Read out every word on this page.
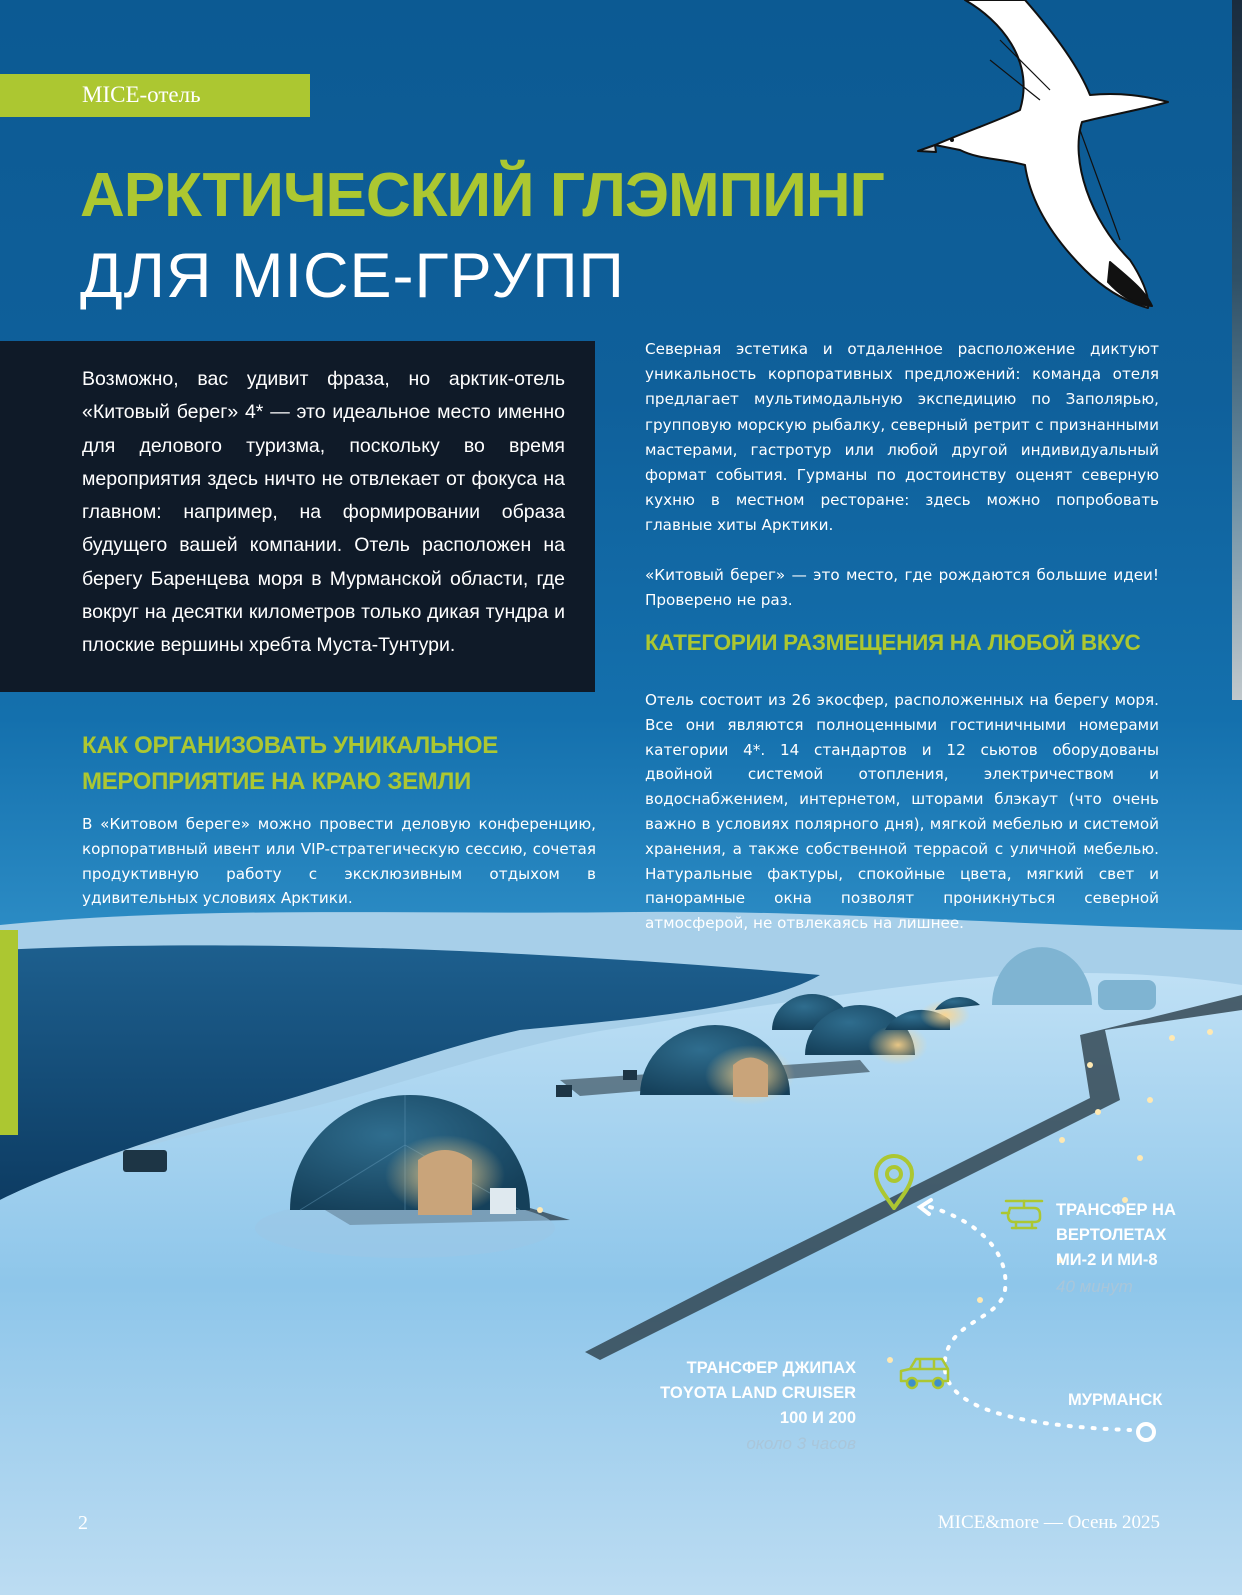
MICE-отель
АРКТИЧЕСКИЙ ГЛЭМПИНГ
ДЛЯ MICE-ГРУПП

Возможно, вас удивит фраза, но арктик-отель «Китовый берег» 4* — это идеальное место именно для делового туризма, поскольку во время мероприятия здесь ничто не отвлекает от фокуса на главном: например, на формировании образа будущего вашей компании. Отель расположен на берегу Баренцева моря в Мурманской области, где вокруг на десятки километров только дикая тундра и плоские вершины хребта Муста-Тунтури.

Северная эстетика и отдаленное расположение диктуют уникальность корпоративных предложений: команда отеля предлагает мультимодальную экспедицию по Заполярью, групповую морскую рыбалку, северный ретрит с признанными мастерами, гастротур или любой другой индивидуальный формат события. Гурманы по достоинству оценят северную кухню в местном ресторане: здесь можно попробовать главные хиты Арктики.

«Китовый берег» — это место, где рождаются большие идеи! Проверено не раз.

КАТЕГОРИИ РАЗМЕЩЕНИЯ НА ЛЮБОЙ ВКУС
Отель состоит из 26 экосфер, расположенных на берегу моря. Все они являются полноценными гостиничными номерами категории 4*. 14 стандартов и 12 сьютов оборудованы двойной системой отопления, электричеством и водоснабжением, интернетом, шторами блэкаут (что очень важно в условиях полярного дня), мягкой мебелью и системой хранения, а также собственной террасой с уличной мебелью. Натуральные фактуры, спокойные цвета, мягкий свет и панорамные окна позволят проникнуться северной атмосферой, не отвлекаясь на лишнее.
КАК ОРГАНИЗОВАТЬ УНИКАЛЬНОЕ
МЕРОПРИЯТИЕ НА КРАЮ ЗЕМЛИ
В «Китовом береге» можно провести деловую конференцию, корпоративный ивент или VIP-стратегическую сессию, сочетая продуктивную работу с эксклюзивным отдыхом в удивительных условиях Арктики.
ТРАНСФЕР НА
ВЕРТОЛЕТАХ
МИ-2 И МИ-8
40 минут
ТРАНСФЕР ДЖИПАХ
TOYOTA LAND CRUISER
100 И 200
около 3 часов
МУРМАНСК
2	MICE&more — Осень 2025
